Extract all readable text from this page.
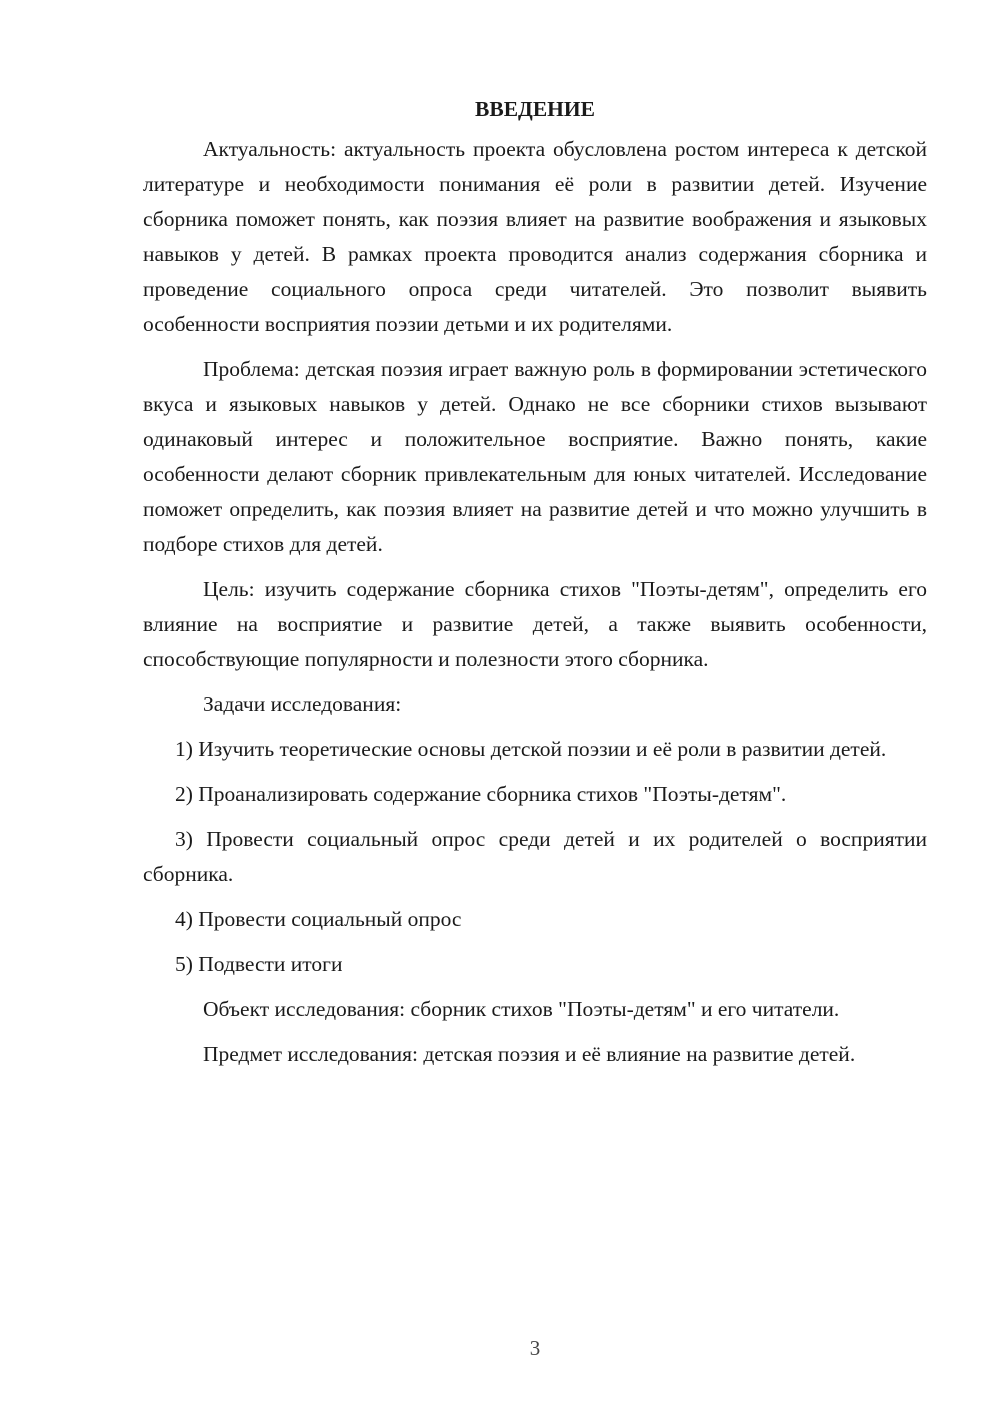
ВВЕДЕНИЕ

Актуальность: актуальность проекта обусловлена ростом интереса к детской литературе и необходимости понимания её роли в развитии детей. Изучение сборника поможет понять, как поэзия влияет на развитие воображения и языковых навыков у детей. В рамках проекта проводится анализ содержания сборника и проведение социального опроса среди читателей. Это позволит выявить особенности восприятия поэзии детьми и их родителями.

Проблема: детская поэзия играет важную роль в формировании эстетического вкуса и языковых навыков у детей. Однако не все сборники стихов вызывают одинаковый интерес и положительное восприятие. Важно понять, какие особенности делают сборник привлекательным для юных читателей. Исследование поможет определить, как поэзия влияет на развитие детей и что можно улучшить в подборе стихов для детей.

Цель: изучить содержание сборника стихов "Поэты-детям", определить его влияние на восприятие и развитие детей, а также выявить особенности, способствующие популярности и полезности этого сборника.

Задачи исследования:

1) Изучить теоретические основы детской поэзии и её роли в развитии детей.

2) Проанализировать содержание сборника стихов "Поэты-детям".

3) Провести социальный опрос среди детей и их родителей о восприятии сборника.

4) Провести социальный опрос

5) Подвести итоги

Объект исследования: сборник стихов "Поэты-детям" и его читатели.

Предмет исследования: детская поэзия и её влияние на развитие детей.

3
